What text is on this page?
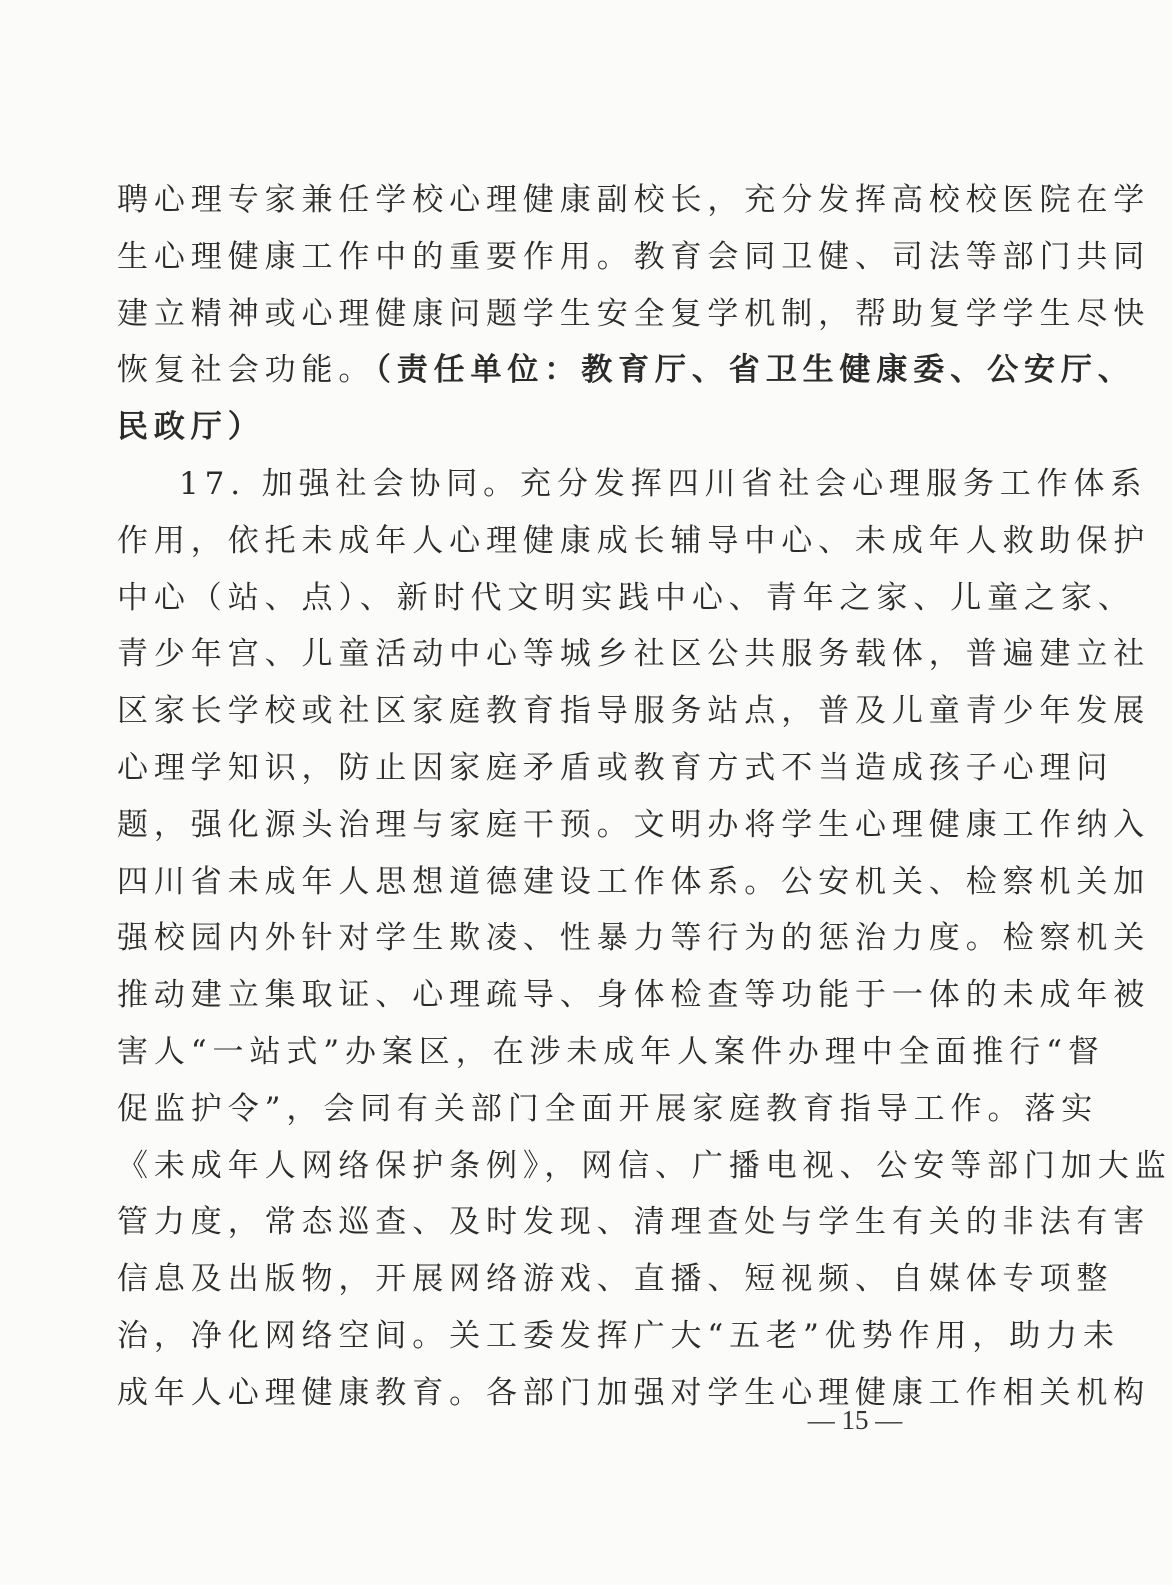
聘心理专家兼任学校心理健康副校长，充分发挥高校校医院在学
生心理健康工作中的重要作用。教育会同卫健、司法等部门共同
建立精神或心理健康问题学生安全复学机制，帮助复学学生尽快
恢复社会功能。（责任单位：教育厅、省卫生健康委、公安厅、
民政厅）
17. 加强社会协同。充分发挥四川省社会心理服务工作体系
作用，依托未成年人心理健康成长辅导中心、未成年人救助保护
中心（站、点）、新时代文明实践中心、青年之家、儿童之家、
青少年宫、儿童活动中心等城乡社区公共服务载体，普遍建立社
区家长学校或社区家庭教育指导服务站点，普及儿童青少年发展
心理学知识，防止因家庭矛盾或教育方式不当造成孩子心理问
题，强化源头治理与家庭干预。文明办将学生心理健康工作纳入
四川省未成年人思想道德建设工作体系。公安机关、检察机关加
强校园内外针对学生欺凌、性暴力等行为的惩治力度。检察机关
推动建立集取证、心理疏导、身体检查等功能于一体的未成年被
害人“一站式”办案区，在涉未成年人案件办理中全面推行“督
促监护令”，会同有关部门全面开展家庭教育指导工作。落实
《未成年人网络保护条例》，网信、广播电视、公安等部门加大监
管力度，常态巡查、及时发现、清理查处与学生有关的非法有害
信息及出版物，开展网络游戏、直播、短视频、自媒体专项整
治，净化网络空间。关工委发挥广大“五老”优势作用，助力未
成年人心理健康教育。各部门加强对学生心理健康工作相关机构
— 15 —
